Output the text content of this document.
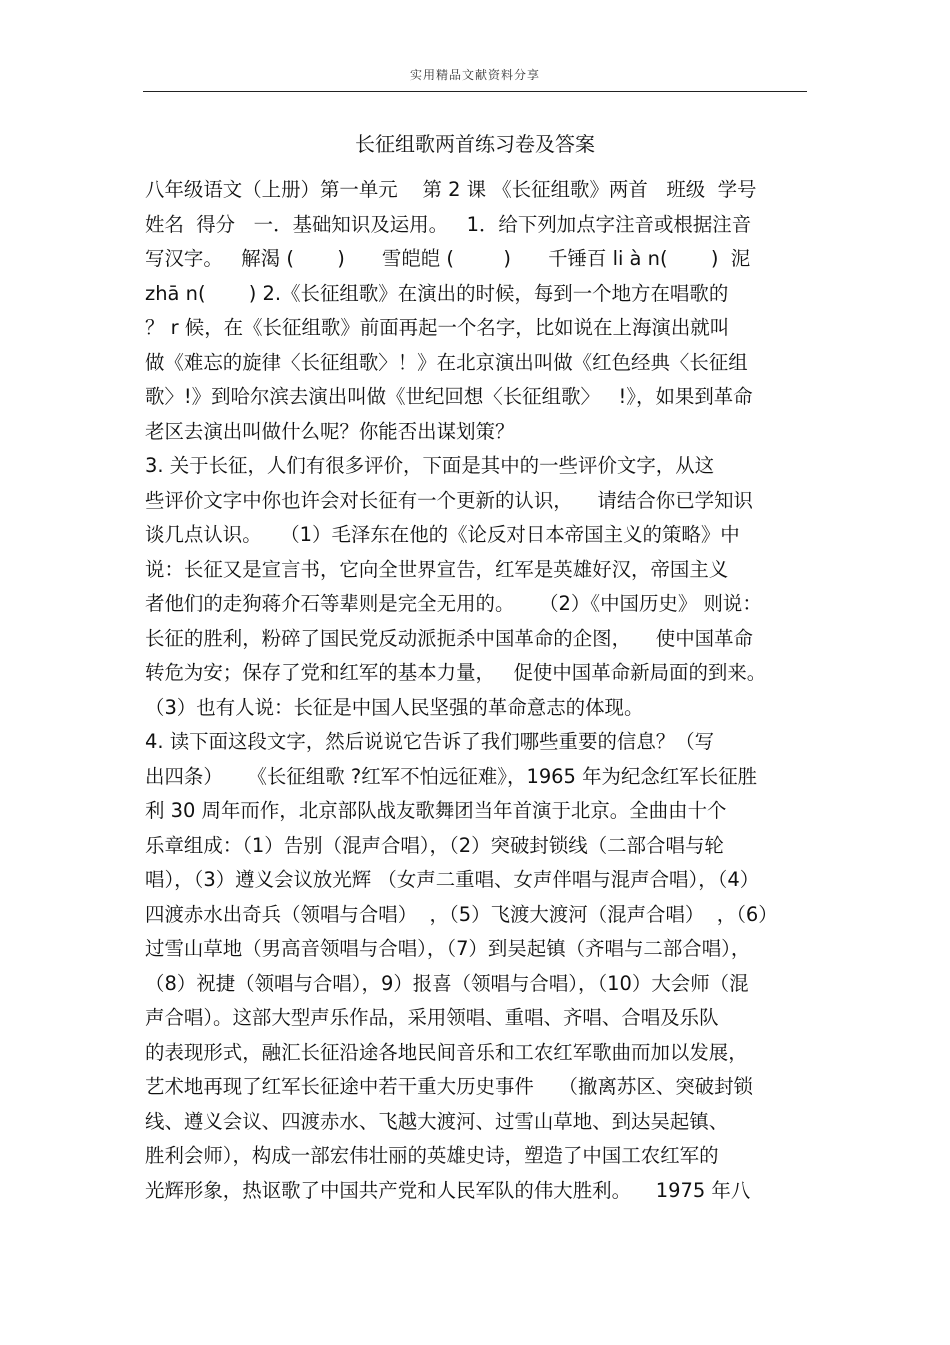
实用精品文献资料分享
长征组歌两首练习卷及答案
八年级语文（上册）第一单元    第 2 课 《长征组歌》两首   班级  学号
姓名  得分   一．基础知识及运用。   1．给下列加点字注音或根据注音
写汉字。   解渴 (       )      雪皑皑 (        )      千锤百 li à n(       )  泥
zhā n(       ) 2.《长征组歌》在演出的时候，每到一个地方在唱歌的
？ r 候，在《长征组歌》前面再起一个名字，比如说在上海演出就叫
做《难忘的旋律〈长征组歌〉！》在北京演出叫做《红色经典〈长征组
歌〉!》到哈尔滨去演出叫做《世纪回想〈长征组歌〉   !》，如果到革命
老区去演出叫做什么呢？你能否出谋划策？
3. 关于长征，人们有很多评价，下面是其中的一些评价文字，从这
些评价文字中你也许会对长征有一个更新的认识，    请结合你已学知识
谈几点认识。   （1）毛泽东在他的《论反对日本帝国主义的策略》中
说：长征又是宣言书，它向全世界宣告，红军是英雄好汉，帝国主义
者他们的走狗蒋介石等辈则是完全无用的。    （2）《中国历史》 则说：
长征的胜利，粉碎了国民党反动派扼杀中国革命的企图，    使中国革命
转危为安；保存了党和红军的基本力量，   促使中国革命新局面的到来。
（3）也有人说：长征是中国人民坚强的革命意志的体现。
4. 读下面这段文字，然后说说它告诉了我们哪些重要的信息？（写
出四条）    《长征组歌 ?红军不怕远征难》，1965 年为纪念红军长征胜
利 30 周年而作，北京部队战友歌舞团当年首演于北京。全曲由十个
乐章组成：（1）告别（混声合唱），（2）突破封锁线（二部合唱与轮
唱），（3）遵义会议放光辉 （女声二重唱、女声伴唱与混声合唱），（4）
四渡赤水出奇兵（领唱与合唱）  ，（5）飞渡大渡河（混声合唱）  ，（6）
过雪山草地（男高音领唱与合唱），（7）到吴起镇（齐唱与二部合唱），
（8）祝捷（领唱与合唱），9）报喜（领唱与合唱），（10）大会师（混
声合唱）。这部大型声乐作品，采用领唱、重唱、齐唱、合唱及乐队
的表现形式，融汇长征沿途各地民间音乐和工农红军歌曲而加以发展，
艺术地再现了红军长征途中若干重大历史事件    （撤离苏区、突破封锁
线、遵义会议、四渡赤水、飞越大渡河、过雪山草地、到达吴起镇、
胜利会师），构成一部宏伟壮丽的英雄史诗，塑造了中国工农红军的
光辉形象，热讴歌了中国共产党和人民军队的伟大胜利。    1975 年八
